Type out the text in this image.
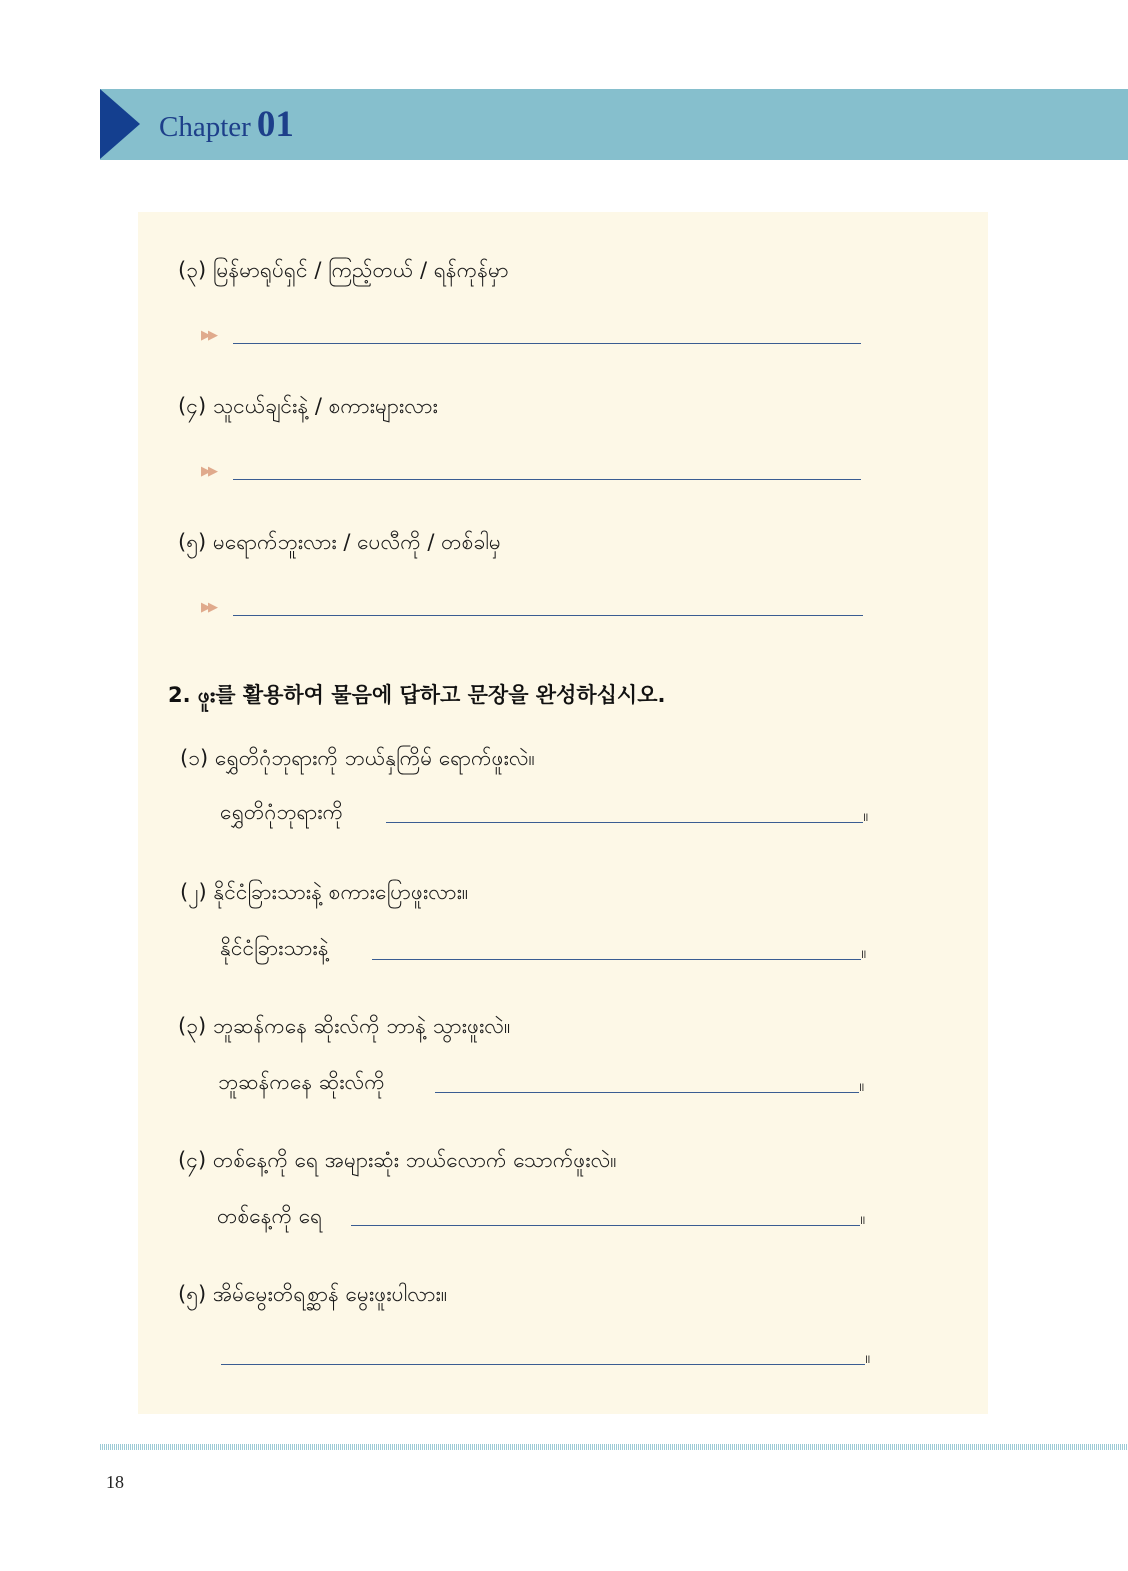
Chapter 01
(၃) မြန်မာရုပ်ရှင် / ကြည့်တယ် / ရန်ကုန်မှာ
▶▶
(၄) သူငယ်ချင်းနဲ့ / စကားများလား
▶▶
(၅) မရောက်ဘူးလား / ပေလီကို / တစ်ခါမှ
▶▶
2. ဖူး를 활용하여 물음에 답하고 문장을 완성하십시오.
(၁) ရွှေတိဂုံဘုရားကို ဘယ်နှကြိမ် ရောက်ဖူးလဲ။
ရွှေတိဂုံဘုရားကို	။
(၂) နိုင်ငံခြားသားနဲ့ စကားပြောဖူးလား။
နိုင်ငံခြားသားနဲ့	။
(၃) ဘူဆန်ကနေ ဆိုးလ်ကို ဘာနဲ့ သွားဖူးလဲ။
ဘူဆန်ကနေ ဆိုးလ်ကို	။
(၄) တစ်နေ့ကို ရေ အများဆုံး ဘယ်လောက် သောက်ဖူးလဲ။
တစ်နေ့ကို ရေ	။
(၅) အိမ်မွေးတိရစ္ဆာန် မွေးဖူးပါလား။
။
18
